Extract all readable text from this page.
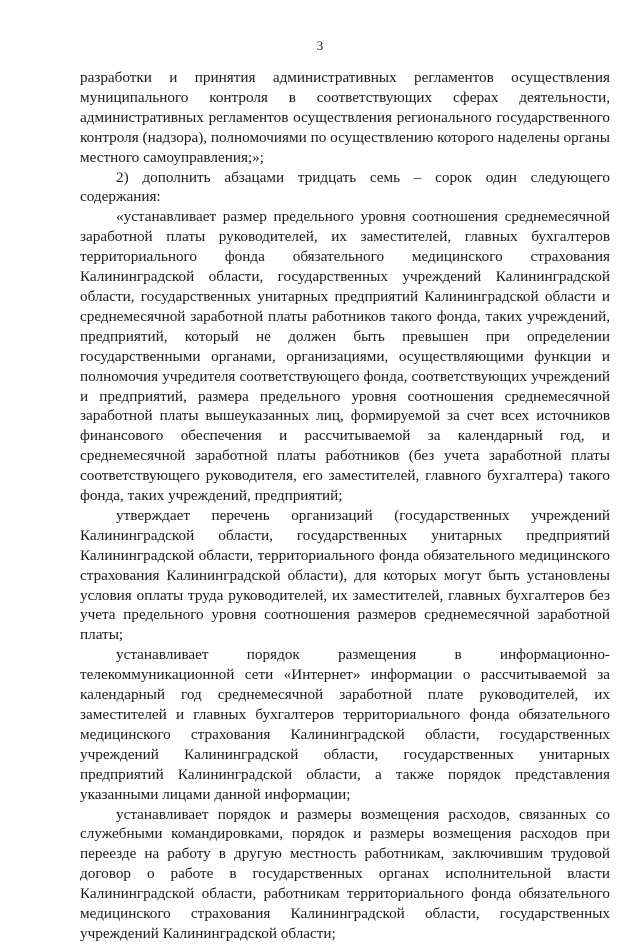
3

разработки и принятия административных регламентов осуществления муниципального контроля в соответствующих сферах деятельности, административных регламентов осуществления регионального государственного контроля (надзора), полномочиями по осуществлению которого наделены органы местного самоуправления;»;

2) дополнить абзацами тридцать семь – сорок один следующего содержания:

«устанавливает размер предельного уровня соотношения среднемесячной заработной платы руководителей, их заместителей, главных бухгалтеров территориального фонда обязательного медицинского страхования Калининградской области, государственных учреждений Калининградской области, государственных унитарных предприятий Калининградской области и среднемесячной заработной платы работников такого фонда, таких учреждений, предприятий, который не должен быть превышен при определении государственными органами, организациями, осуществляющими функции и полномочия учредителя соответствующего фонда, соответствующих учреждений и предприятий, размера предельного уровня соотношения среднемесячной заработной платы вышеуказанных лиц, формируемой за счет всех источников финансового обеспечения и рассчитываемой за календарный год, и среднемесячной заработной платы работников (без учета заработной платы соответствующего руководителя, его заместителей, главного бухгалтера) такого фонда, таких учреждений, предприятий;

утверждает перечень организаций (государственных учреждений Калининградской области, государственных унитарных предприятий Калининградской области, территориального фонда обязательного медицинского страхования Калининградской области), для которых могут быть установлены условия оплаты труда руководителей, их заместителей, главных бухгалтеров без учета предельного уровня соотношения размеров среднемесячной заработной платы;

устанавливает порядок размещения в информационно-телекоммуникационной сети «Интернет» информации о рассчитываемой за календарный год среднемесячной заработной плате руководителей, их заместителей и главных бухгалтеров территориального фонда обязательного медицинского страхования Калининградской области, государственных учреждений Калининградской области, государственных унитарных предприятий Калининградской области, а также порядок представления указанными лицами данной информации;

устанавливает порядок и размеры возмещения расходов, связанных со служебными командировками, порядок и размеры возмещения расходов при переезде на работу в другую местность работникам, заключившим трудовой договор о работе в государственных органах исполнительной власти Калининградской области, работникам территориального фонда обязательного медицинского страхования Калининградской области, государственных учреждений Калининградской области;
